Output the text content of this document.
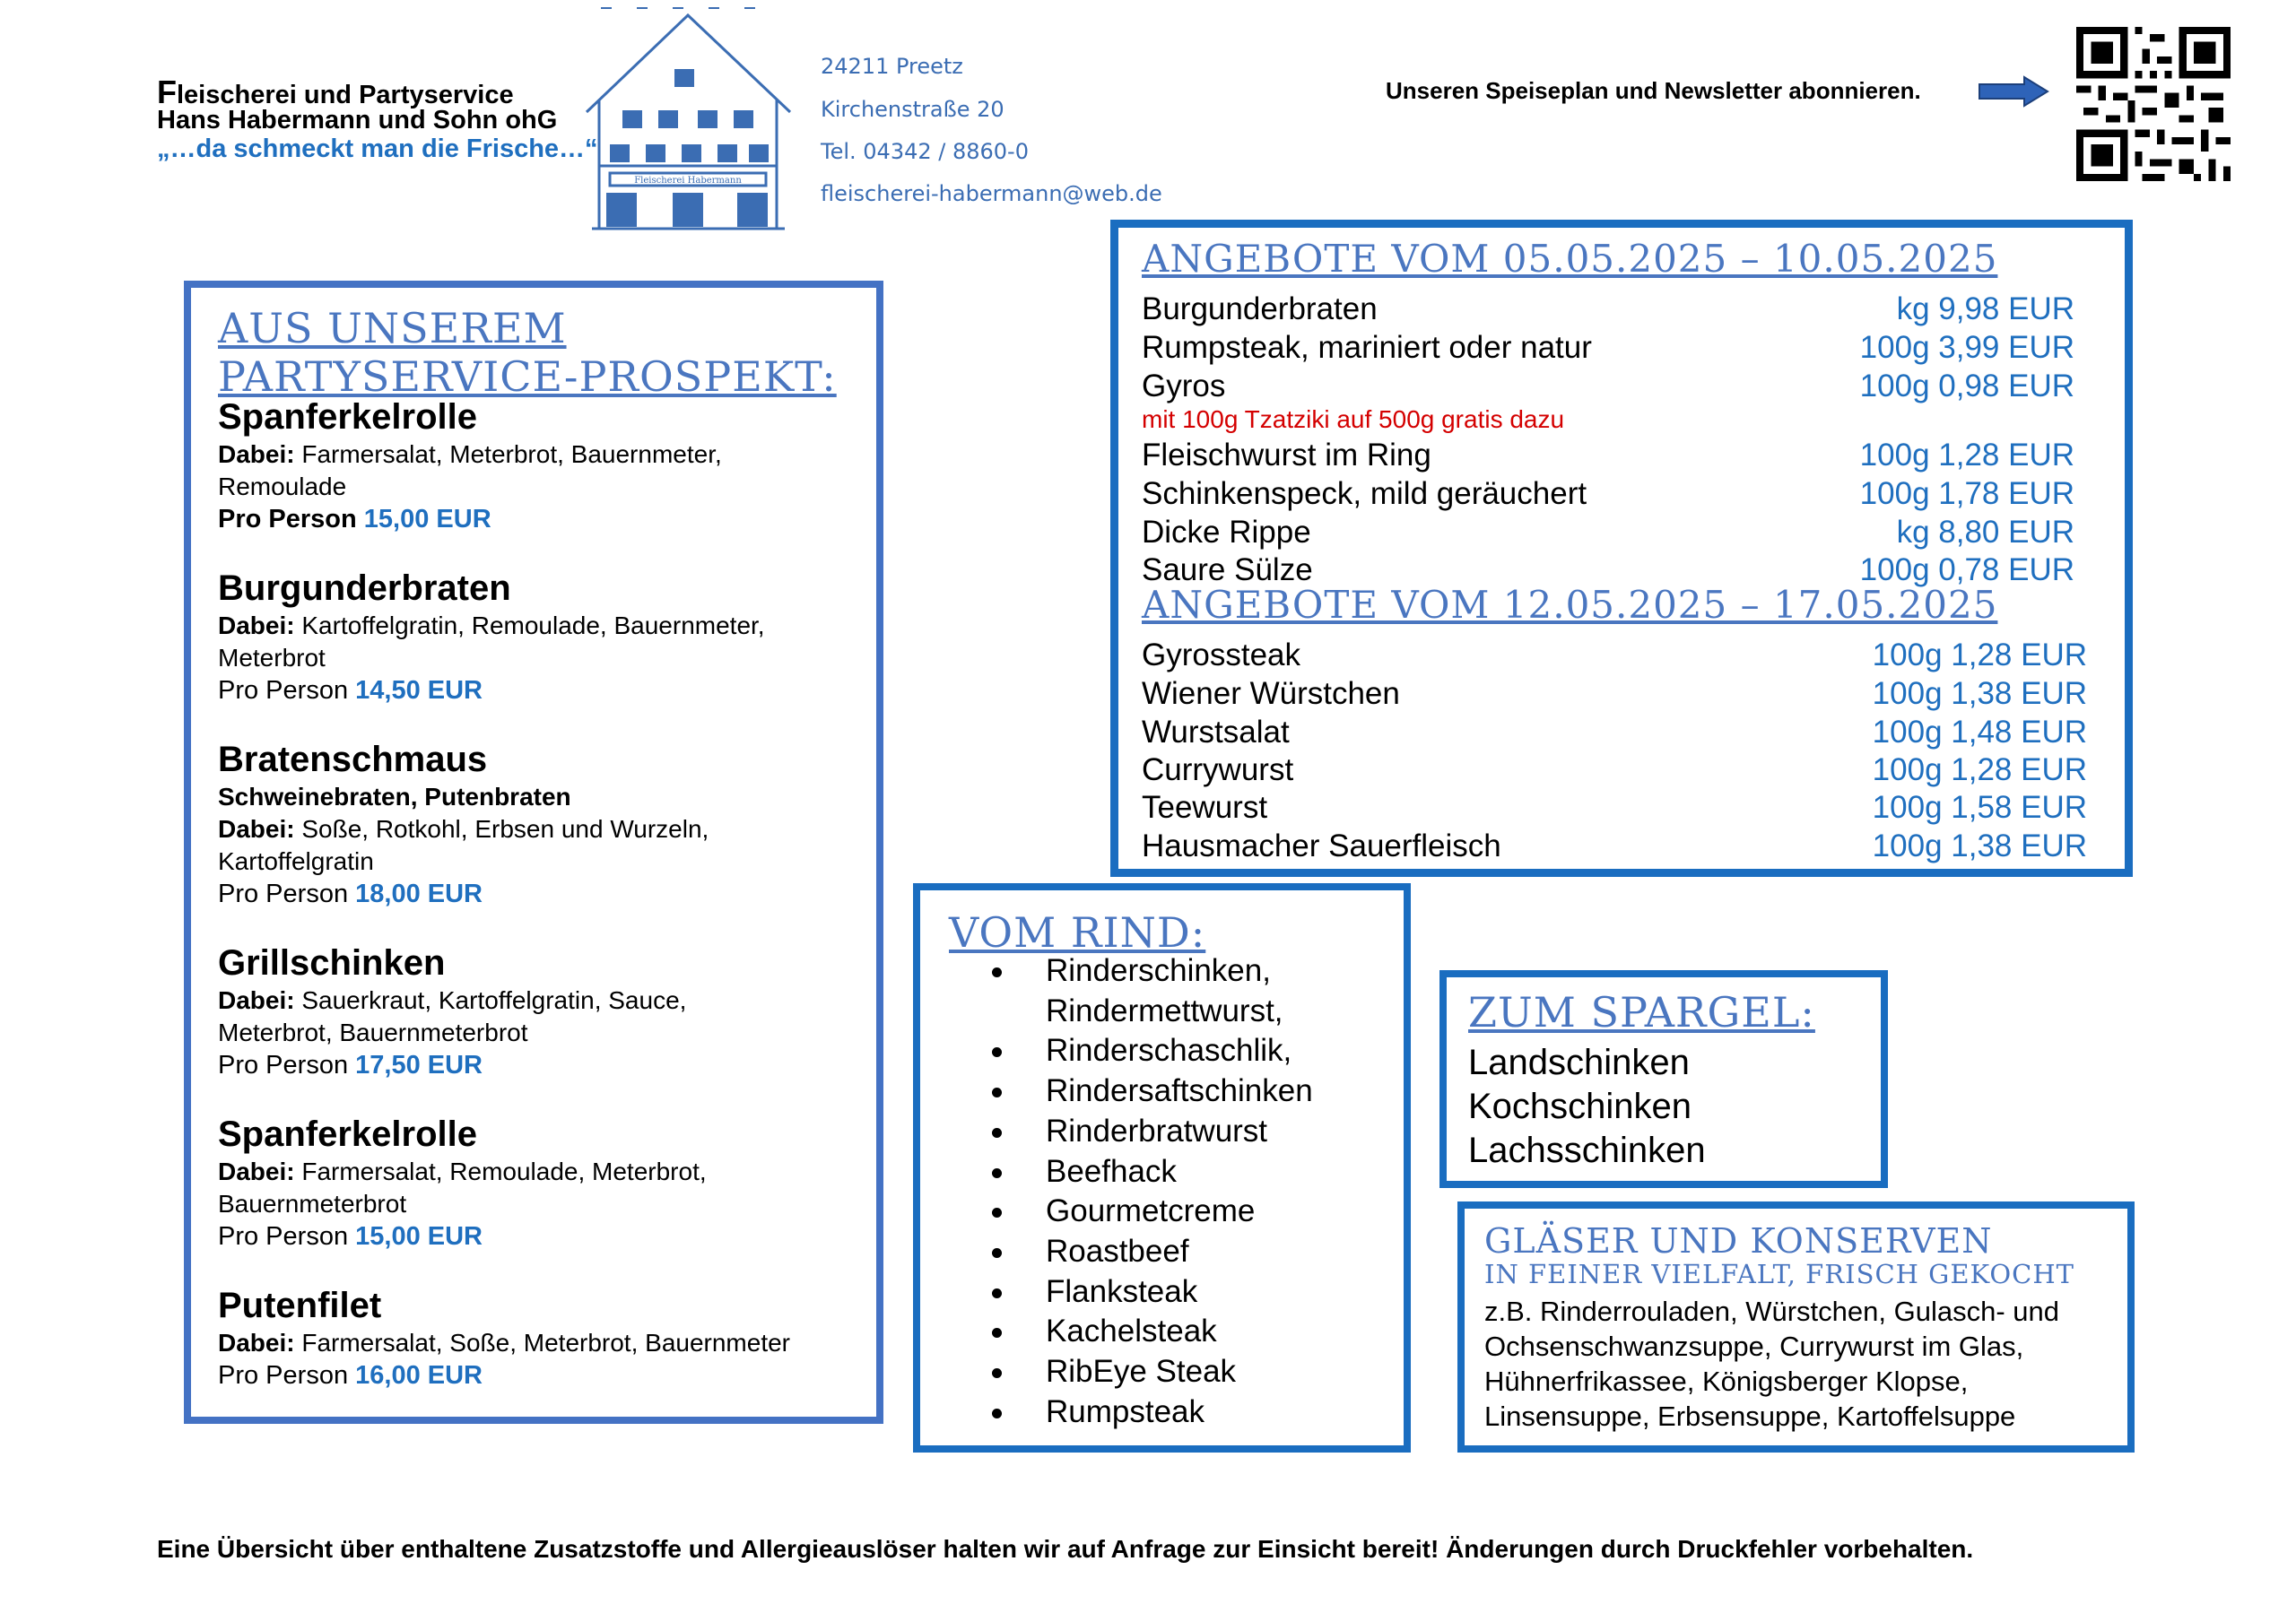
Fleischerei und Partyservice
Hans Habermann und Sohn ohG
„…da schmeckt man die Frische…“
Fleischerei Habermann
24211 Preetz
Kirchenstraße 20
Tel. 04342 / 8860-0
fleischerei-habermann@web.de
Unseren Speiseplan und Newsletter abonnieren.
AUS UNSEREM
PARTYSERVICE-PROSPEKT:
Spanferkelrolle
Dabei: Farmersalat, Meterbrot, Bauernmeter,
Remoulade
Pro Person 15,00 EUR
Burgunderbraten
Dabei: Kartoffelgratin, Remoulade, Bauernmeter,
Meterbrot
Pro Person 14,50 EUR
Bratenschmaus
Schweinebraten, Putenbraten
Dabei: Soße, Rotkohl, Erbsen und Wurzeln,
Kartoffelgratin
Pro Person 18,00 EUR
Grillschinken
Dabei: Sauerkraut, Kartoffelgratin, Sauce,
Meterbrot, Bauernmeterbrot
Pro Person 17,50 EUR
Spanferkelrolle
Dabei: Farmersalat, Remoulade, Meterbrot,
Bauernmeterbrot
Pro Person 15,00 EUR
Putenfilet
Dabei: Farmersalat, Soße, Meterbrot, Bauernmeter
Pro Person 16,00 EUR
ANGEBOTE VOM 05.05.2025 – 10.05.2025
Burgunderbraten	kg 9,98 EUR
Rumpsteak, mariniert oder natur	100g 3,99 EUR
Gyros	100g 0,98 EUR
mit 100g Tzatziki auf 500g gratis dazu
Fleischwurst im Ring	100g 1,28 EUR
Schinkenspeck, mild geräuchert	100g 1,78 EUR
Dicke Rippe	kg 8,80 EUR
Saure Sülze	100g 0,78 EUR
ANGEBOTE VOM 12.05.2025 – 17.05.2025
Gyrossteak	100g 1,28 EUR
Wiener Würstchen	100g 1,38 EUR
Wurstsalat	100g 1,48 EUR
Currywurst	100g 1,28 EUR
Teewurst	100g 1,58 EUR
Hausmacher Sauerfleisch	100g 1,38 EUR
VOM RIND:
Rinderschinken,
Rindermettwurst,
Rinderschaschlik,
Rindersaftschinken
Rinderbratwurst
Beefhack
Gourmetcreme
Roastbeef
Flanksteak
Kachelsteak
RibEye Steak
Rumpsteak
ZUM SPARGEL:
Landschinken
Kochschinken
Lachsschinken
GLÄSER UND KONSERVEN
IN FEINER VIELFALT, FRISCH GEKOCHT
z.B. Rinderrouladen, Würstchen, Gulasch- und Ochsenschwanzsuppe, Currywurst im Glas, Hühnerfrikassee, Königsberger Klopse, Linsensuppe, Erbsensuppe, Kartoffelsuppe
Eine Übersicht über enthaltene Zusatzstoffe und Allergieauslöser halten wir auf Anfrage zur Einsicht bereit! Änderungen durch Druckfehler vorbehalten.
